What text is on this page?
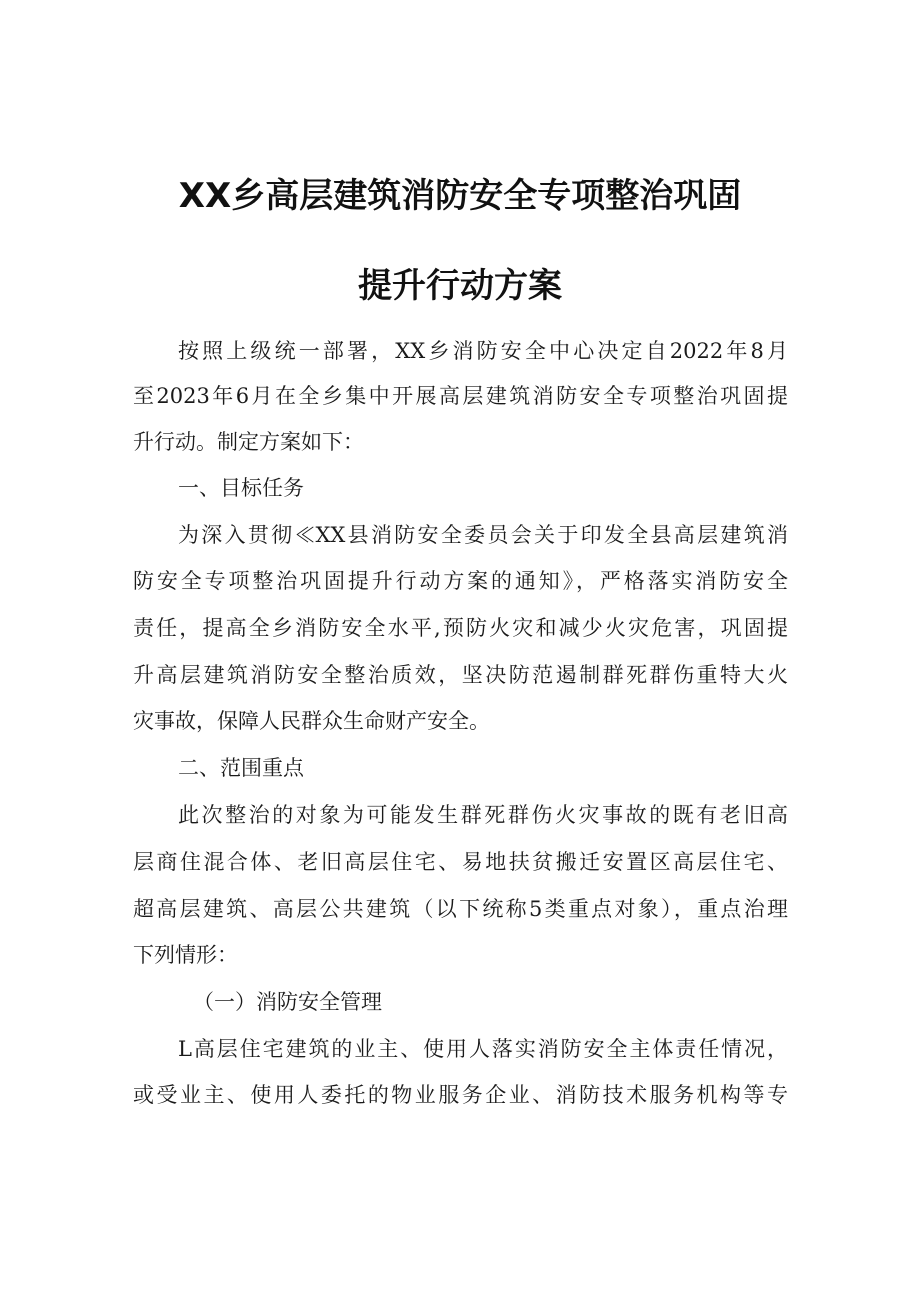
XX乡高层建筑消防安全专项整治巩固
提升行动方案
按照上级统一部署，XX乡消防安全中心决定自2022年8月
至2023年6月在全乡集中开展高层建筑消防安全专项整治巩固提
升行动。制定方案如下：
一、目标任务
为深入贯彻≪XX县消防安全委员会关于印发全县高层建筑消
防安全专项整治巩固提升行动方案的通知》，严格落实消防安全
责任，提高全乡消防安全水平,预防火灾和减少火灾危害，巩固提
升高层建筑消防安全整治质效，坚决防范遏制群死群伤重特大火
灾事故，保障人民群众生命财产安全。
二、范围重点
此次整治的对象为可能发生群死群伤火灾事故的既有老旧高
层商住混合体、老旧高层住宅、易地扶贫搬迁安置区高层住宅、
超高层建筑、高层公共建筑（以下统称5类重点对象），重点治理
下列情形：
（一）消防安全管理
L高层住宅建筑的业主、使用人落实消防安全主体责任情况，
或受业主、使用人委托的物业服务企业、消防技术服务机构等专
